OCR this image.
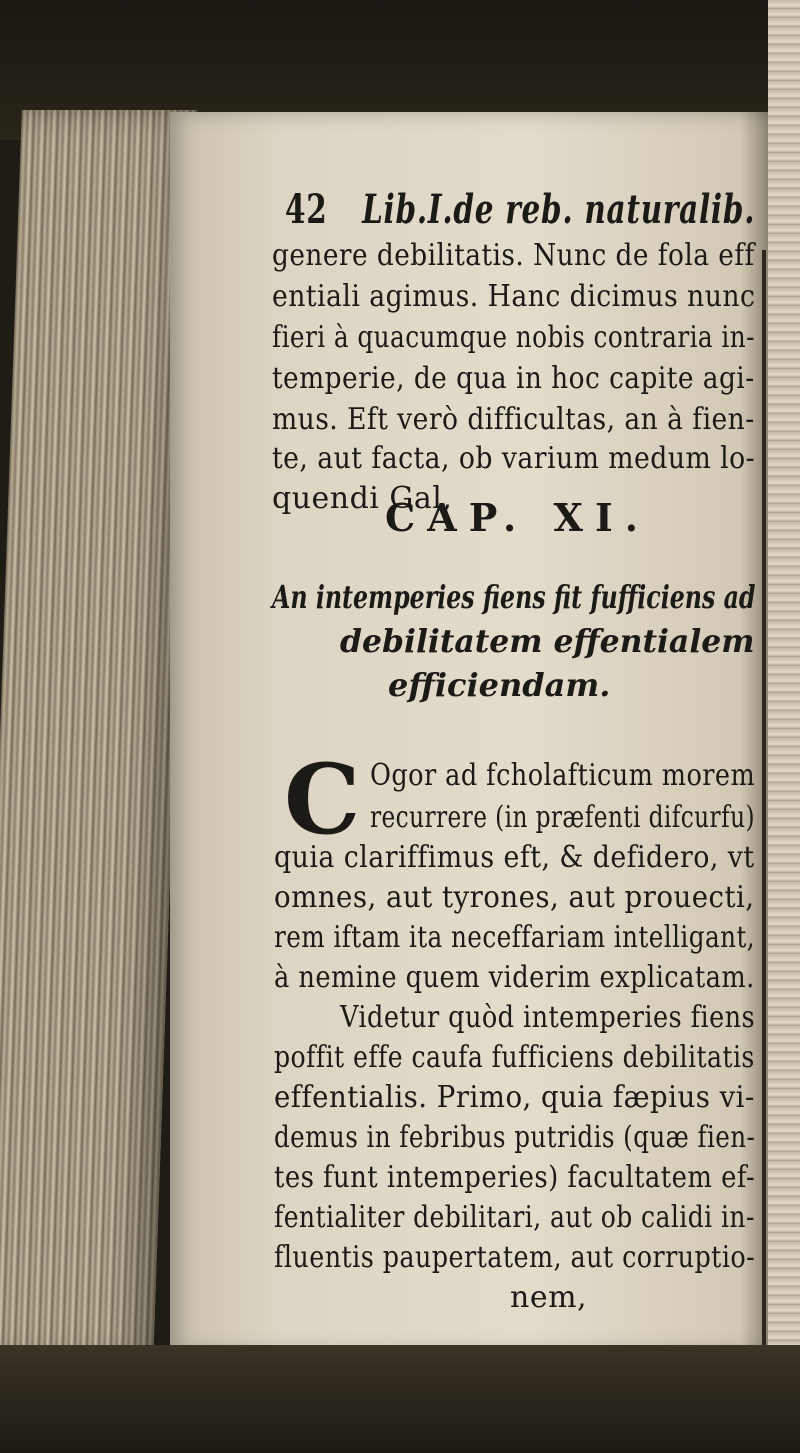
42 Lib.I.de reb. naturalib.
genere debilitatis. Nunc de fola eff
entiali agimus. Hanc dicimus nunc
fieri à quacumque nobis contraria in-
temperie, de qua in hoc capite agi-
mus. Eft verò difficultas, an à fien-
te, aut facta, ob varium medum lo-
quendi Gal,
CAP. XI.
An intemperies fiens fit fufficiens ad
debilitatem effentialem
efficiendam.
C Ogor ad fcholafticum morem
recurrere (in præfenti difcurfu)
quia clariffimus eft, & defidero, vt
omnes, aut tyrones, aut prouecti,
rem iftam ita neceffariam intelligant,
à nemine quem viderim explicatam.
Videtur quòd intemperies fiens
poffit effe caufa fufficiens debilitatis
effentialis. Primo, quia fæpius vi-
demus in febribus putridis (quæ fien-
tes funt intemperies) facultatem ef-
fentialiter debilitari, aut ob calidi in-
fluentis paupertatem, aut corruptio-
nem,
